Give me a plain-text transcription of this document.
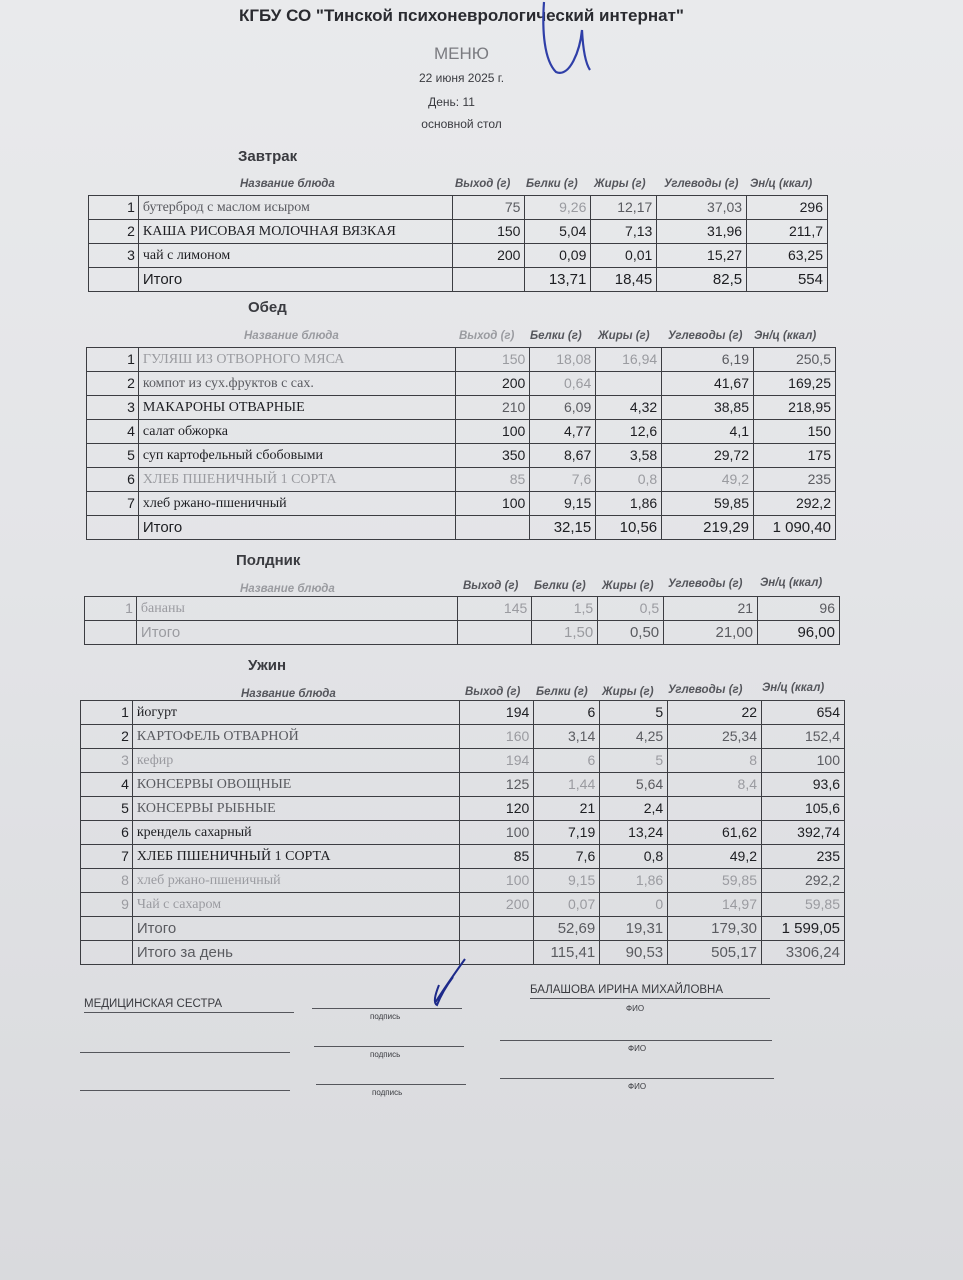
КГБУ СО "Тинской психоневрологический интернат"
МЕНЮ
22 июня 2025 г.
День: 11
основной стол
Завтрак
Название блюда	Выход (г) Белки (г) Жиры (г) Углеводы (г) Эн/ц (ккал)
1	бутерброд с маслом исыром	75	9,26	12,17	37,03	296
2	КАША РИСОВАЯ МОЛОЧНАЯ ВЯЗКАЯ	150	5,04	7,13	31,96	211,7
3	чай с лимоном	200	0,09	0,01	15,27	63,25
	Итого		13,71	18,45	82,5	554
Обед
Название блюда	Выход (г) Белки (г) Жиры (г) Углеводы (г) Эн/ц (ккал)
1	ГУЛЯШ ИЗ ОТВОРНОГО МЯСА	150	18,08	16,94	6,19	250,5
2	компот из сух.фруктов с сах.	200	0,64		41,67	169,25
3	МАКАРОНЫ ОТВАРНЫЕ	210	6,09	4,32	38,85	218,95
4	салат обжорка	100	4,77	12,6	4,1	150
5	суп картофельный сбобовыми	350	8,67	3,58	29,72	175
6	ХЛЕБ ПШЕНИЧНЫЙ 1 СОРТА	85	7,6	0,8	49,2	235
7	хлеб ржано-пшеничный	100	9,15	1,86	59,85	292,2
	Итого		32,15	10,56	219,29	1 090,40
Полдник
Название блюда	Выход (г) Белки (г) Жиры (г) Углеводы (г) Эн/ц (ккал)
1	бананы	145	1,5	0,5	21	96
	Итого		1,50	0,50	21,00	96,00
Ужин
Название блюда	Выход (г) Белки (г) Жиры (г) Углеводы (г) Эн/ц (ккал)
1	йогурт	194	6	5	22	654
2	КАРТОФЕЛЬ ОТВАРНОЙ	160	3,14	4,25	25,34	152,4
3	кефир	194	6	5	8	100
4	КОНСЕРВЫ ОВОЩНЫЕ	125	1,44	5,64	8,4	93,6
5	КОНСЕРВЫ РЫБНЫЕ	120	21	2,4		105,6
6	крендель сахарный	100	7,19	13,24	61,62	392,74
7	ХЛЕБ ПШЕНИЧНЫЙ 1 СОРТА	85	7,6	0,8	49,2	235
8	хлеб ржано-пшеничный	100	9,15	1,86	59,85	292,2
9	Чай с сахаром	200	0,07	0	14,97	59,85
	Итого		52,69	19,31	179,30	1 599,05
	Итого за день		115,41	90,53	505,17	3306,24
МЕДИЦИНСКАЯ СЕСТРА
подпись
БАЛАШОВА ИРИНА МИХАЙЛОВНА
ФИО
подпись
ФИО
подпись
ФИО
